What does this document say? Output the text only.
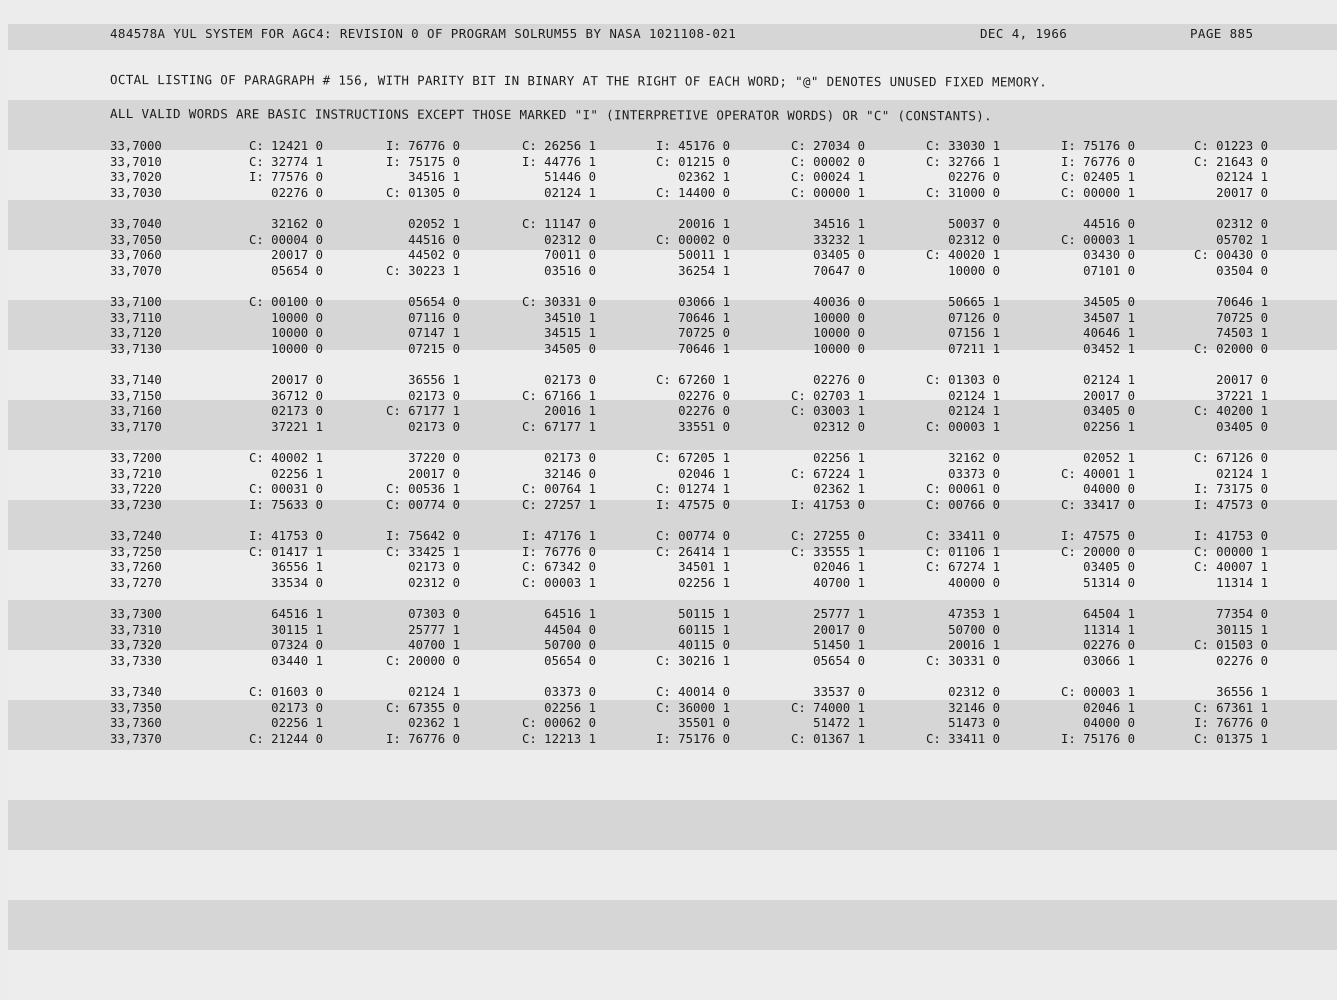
484578A YUL SYSTEM FOR AGC4: REVISION 0 OF PROGRAM SOLRUM55 BY NASA 1021108-021	DEC 4, 1966	PAGE 885
OCTAL LISTING OF PARAGRAPH # 156, WITH PARITY BIT IN BINARY AT THE RIGHT OF EACH WORD; "@" DENOTES UNUSED FIXED MEMORY.
ALL VALID WORDS ARE BASIC INSTRUCTIONS EXCEPT THOSE MARKED "I" (INTERPRETIVE OPERATOR WORDS) OR "C" (CONSTANTS).
33,7000	C: 12421 0	I: 76776 0	C: 26256 1	I: 45176 0	C: 27034 0	C: 33030 1	I: 75176 0	C: 01223 0
33,7010	C: 32774 1	I: 75175 0	I: 44776 1	C: 01215 0	C: 00002 0	C: 32766 1	I: 76776 0	C: 21643 0
33,7020	I: 77576 0	34516 1	51446 0	02362 1	C: 00024 1	02276 0	C: 02405 1	02124 1
33,7030	02276 0	C: 01305 0	02124 1	C: 14400 0	C: 00000 1	C: 31000 0	C: 00000 1	20017 0
33,7040	32162 0	02052 1	C: 11147 0	20016 1	34516 1	50037 0	44516 0	02312 0
33,7050	C: 00004 0	44516 0	02312 0	C: 00002 0	33232 1	02312 0	C: 00003 1	05702 1
33,7060	20017 0	44502 0	70011 0	50011 1	03405 0	C: 40020 1	03430 0	C: 00430 0
33,7070	05654 0	C: 30223 1	03516 0	36254 1	70647 0	10000 0	07101 0	03504 0
33,7100	C: 00100 0	05654 0	C: 30331 0	03066 1	40036 0	50665 1	34505 0	70646 1
33,7110	10000 0	07116 0	34510 1	70646 1	10000 0	07126 0	34507 1	70725 0
33,7120	10000 0	07147 1	34515 1	70725 0	10000 0	07156 1	40646 1	74503 1
33,7130	10000 0	07215 0	34505 0	70646 1	10000 0	07211 1	03452 1	C: 02000 0
33,7140	20017 0	36556 1	02173 0	C: 67260 1	02276 0	C: 01303 0	02124 1	20017 0
33,7150	36712 0	02173 0	C: 67166 1	02276 0	C: 02703 1	02124 1	20017 0	37221 1
33,7160	02173 0	C: 67177 1	20016 1	02276 0	C: 03003 1	02124 1	03405 0	C: 40200 1
33,7170	37221 1	02173 0	C: 67177 1	33551 0	02312 0	C: 00003 1	02256 1	03405 0
33,7200	C: 40002 1	37220 0	02173 0	C: 67205 1	02256 1	32162 0	02052 1	C: 67126 0
33,7210	02256 1	20017 0	32146 0	02046 1	C: 67224 1	03373 0	C: 40001 1	02124 1
33,7220	C: 00031 0	C: 00536 1	C: 00764 1	C: 01274 1	02362 1	C: 00061 0	04000 0	I: 73175 0
33,7230	I: 75633 0	C: 00774 0	C: 27257 1	I: 47575 0	I: 41753 0	C: 00766 0	C: 33417 0	I: 47573 0
33,7240	I: 41753 0	I: 75642 0	I: 47176 1	C: 00774 0	C: 27255 0	C: 33411 0	I: 47575 0	I: 41753 0
33,7250	C: 01417 1	C: 33425 1	I: 76776 0	C: 26414 1	C: 33555 1	C: 01106 1	C: 20000 0	C: 00000 1
33,7260	36556 1	02173 0	C: 67342 0	34501 1	02046 1	C: 67274 1	03405 0	C: 40007 1
33,7270	33534 0	02312 0	C: 00003 1	02256 1	40700 1	40000 0	51314 0	11314 1
33,7300	64516 1	07303 0	64516 1	50115 1	25777 1	47353 1	64504 1	77354 0
33,7310	30115 1	25777 1	44504 0	60115 1	20017 0	50700 0	11314 1	30115 1
33,7320	07324 0	40700 1	50700 0	40115 0	51450 1	20016 1	02276 0	C: 01503 0
33,7330	03440 1	C: 20000 0	05654 0	C: 30216 1	05654 0	C: 30331 0	03066 1	02276 0
33,7340	C: 01603 0	02124 1	03373 0	C: 40014 0	33537 0	02312 0	C: 00003 1	36556 1
33,7350	02173 0	C: 67355 0	02256 1	C: 36000 1	C: 74000 1	32146 0	02046 1	C: 67361 1
33,7360	02256 1	02362 1	C: 00062 0	35501 0	51472 1	51473 0	04000 0	I: 76776 0
33,7370	C: 21244 0	I: 76776 0	C: 12213 1	I: 75176 0	C: 01367 1	C: 33411 0	I: 75176 0	C: 01375 1
